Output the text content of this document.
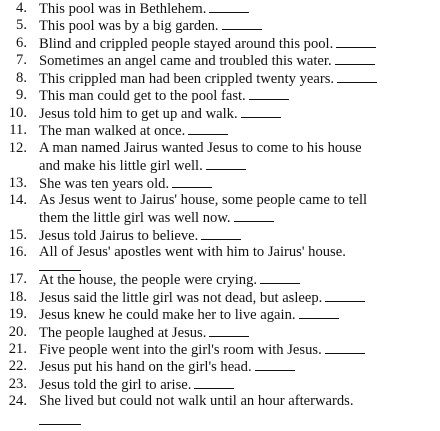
4. This pool was in Bethlehem.
5. This pool was by a big garden.
6. Blind and crippled people stayed around this pool.
7. Sometimes an angel came and troubled this water.
8. This crippled man had been crippled twenty years.
9. This man could get to the pool fast.
10. Jesus told him to get up and walk.
11. The man walked at once.
12. A man named Jairus wanted Jesus to come to his house
and make his little girl well.
13. She was ten years old.
14. As Jesus went to Jairus' house, some people came to tell
them the little girl was well now.
15. Jesus told Jairus to believe.
16. All of Jesus' apostles went with him to Jairus' house.
17. At the house, the people were crying.
18. Jesus said the little girl was not dead, but asleep.
19. Jesus knew he could make her to live again.
20. The people laughed at Jesus.
21. Five people went into the girl's room with Jesus.
22. Jesus put his hand on the girl's head.
23. Jesus told the girl to arise.
24. She lived but could not walk until an hour afterwards.
